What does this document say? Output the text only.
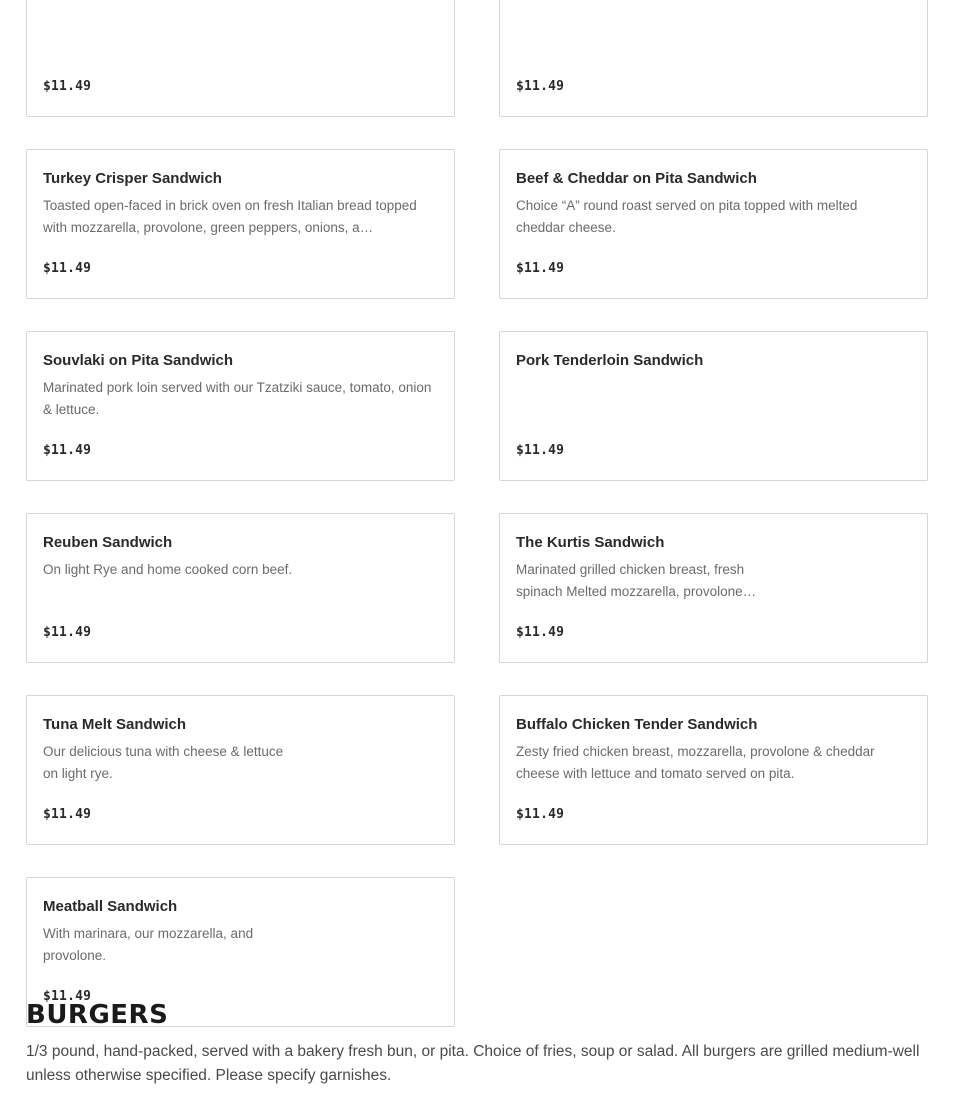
$11.49	$11.49
Turkey Crisper Sandwich
Toasted open-faced in brick oven on fresh Italian bread topped with mozzarella, provolone, green peppers, onions, a…
$11.49
Beef & Cheddar on Pita Sandwich
Choice “A” round roast served on pita topped with melted cheddar cheese.
$11.49
Souvlaki on Pita Sandwich
Marinated pork loin served with our Tzatziki sauce, tomato, onion & lettuce.
$11.49
Pork Tenderloin Sandwich
$11.49
Reuben Sandwich
On light Rye and home cooked corn beef.
$11.49
The Kurtis Sandwich
Marinated grilled chicken breast, fresh spinach Melted mozzarella, provolone…
$11.49
Tuna Melt Sandwich
Our delicious tuna with cheese & lettuce on light rye.
$11.49
Buffalo Chicken Tender Sandwich
Zesty fried chicken breast, mozzarella, provolone & cheddar cheese with lettuce and tomato served on pita.
$11.49
Meatball Sandwich
With marinara, our mozzarella, and provolone.
$11.49
BURGERS

1/3 pound, hand-packed, served with a bakery fresh bun, or pita. Choice of fries, soup or salad. All burgers are grilled medium-well unless otherwise specified. Please specify garnishes.
